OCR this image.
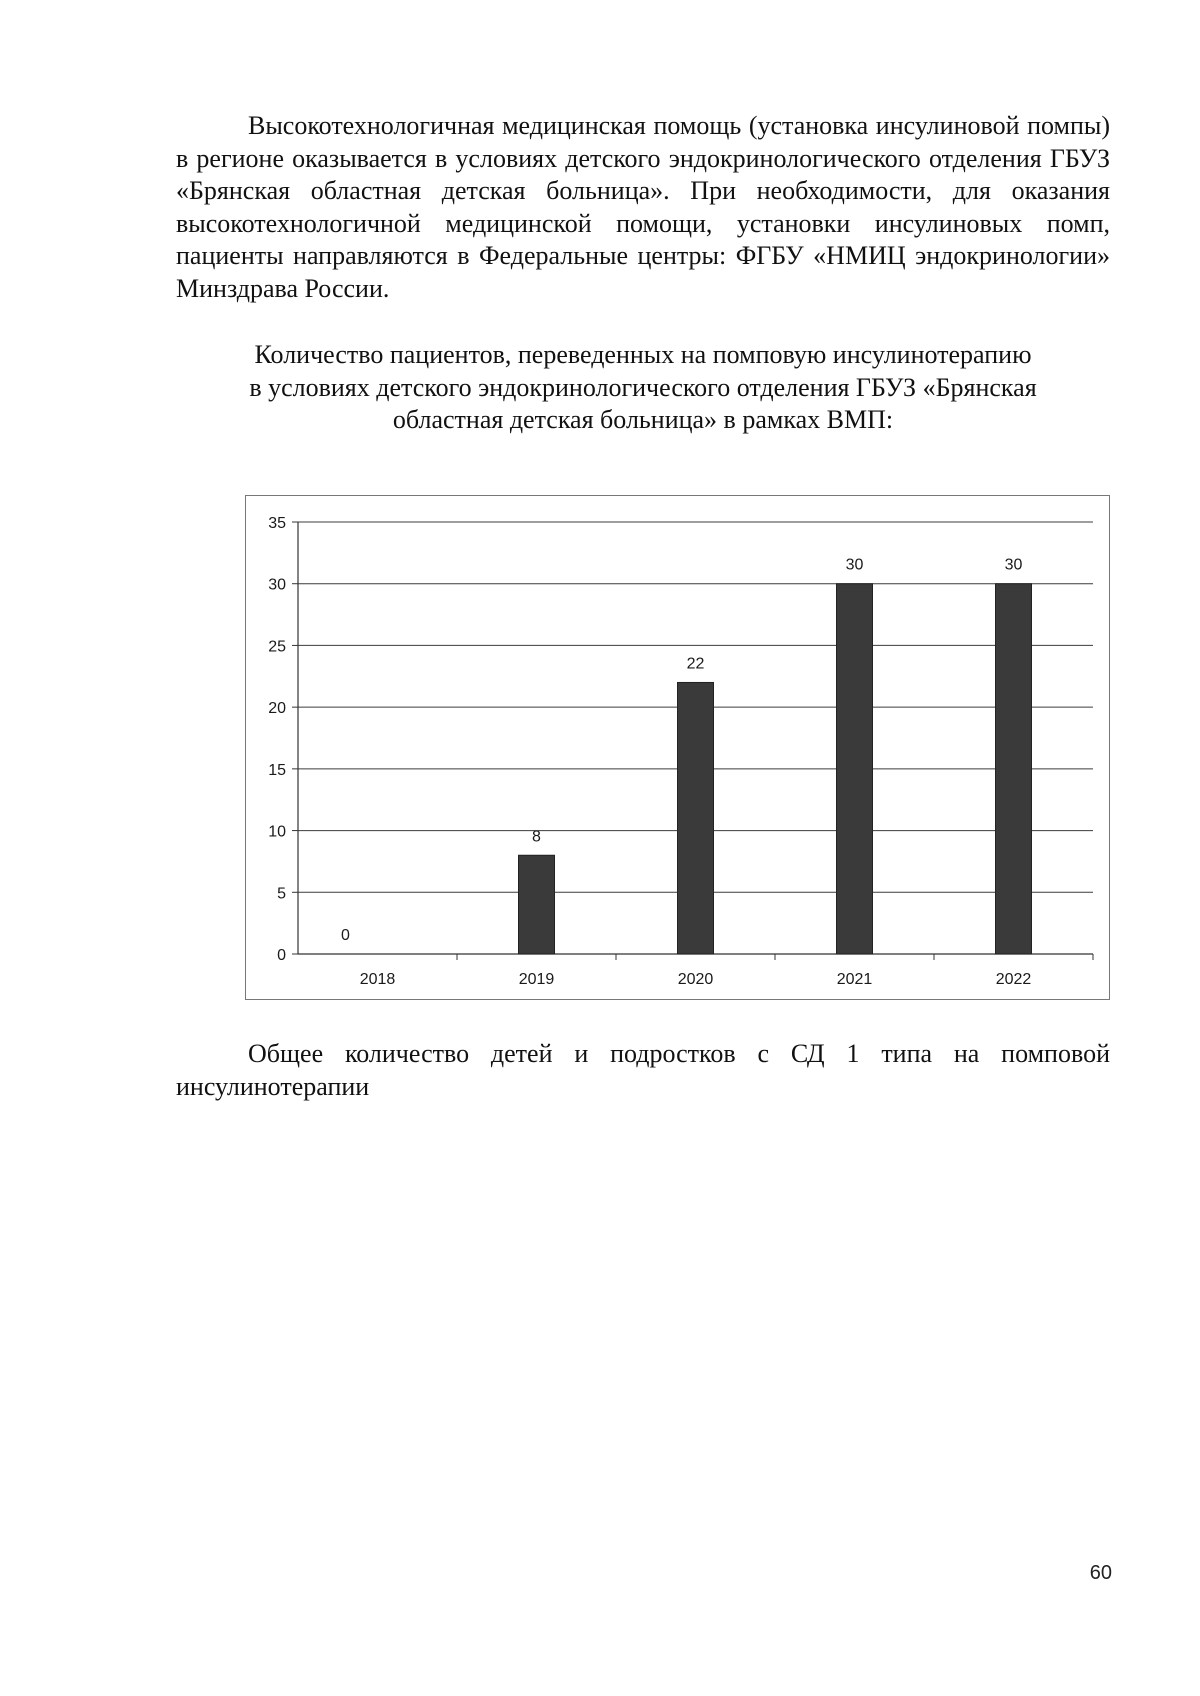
Высокотехнологичная медицинская помощь (установка инсулиновой помпы) в регионе оказывается в условиях детского эндокринологического отделения ГБУЗ «Брянская областная детская больница». При необходимости, для оказания высокотехнологичной медицинской помощи, установки инсулиновых помп, пациенты направляются в Федеральные центры: ФГБУ «НМИЦ эндокринологии» Минздрава России.
Количество пациентов, переведенных на помповую инсулинотерапию
в условиях детского эндокринологического отделения ГБУЗ «Брянская
областная детская больница» в рамках ВМП:
0
5
10
15
20
25
30
35
0
2018
8
2019
22
2020
30
2021
30
2022
Общее количество детей и подростков с СД 1 типа на помповой инсулинотерапии
60
